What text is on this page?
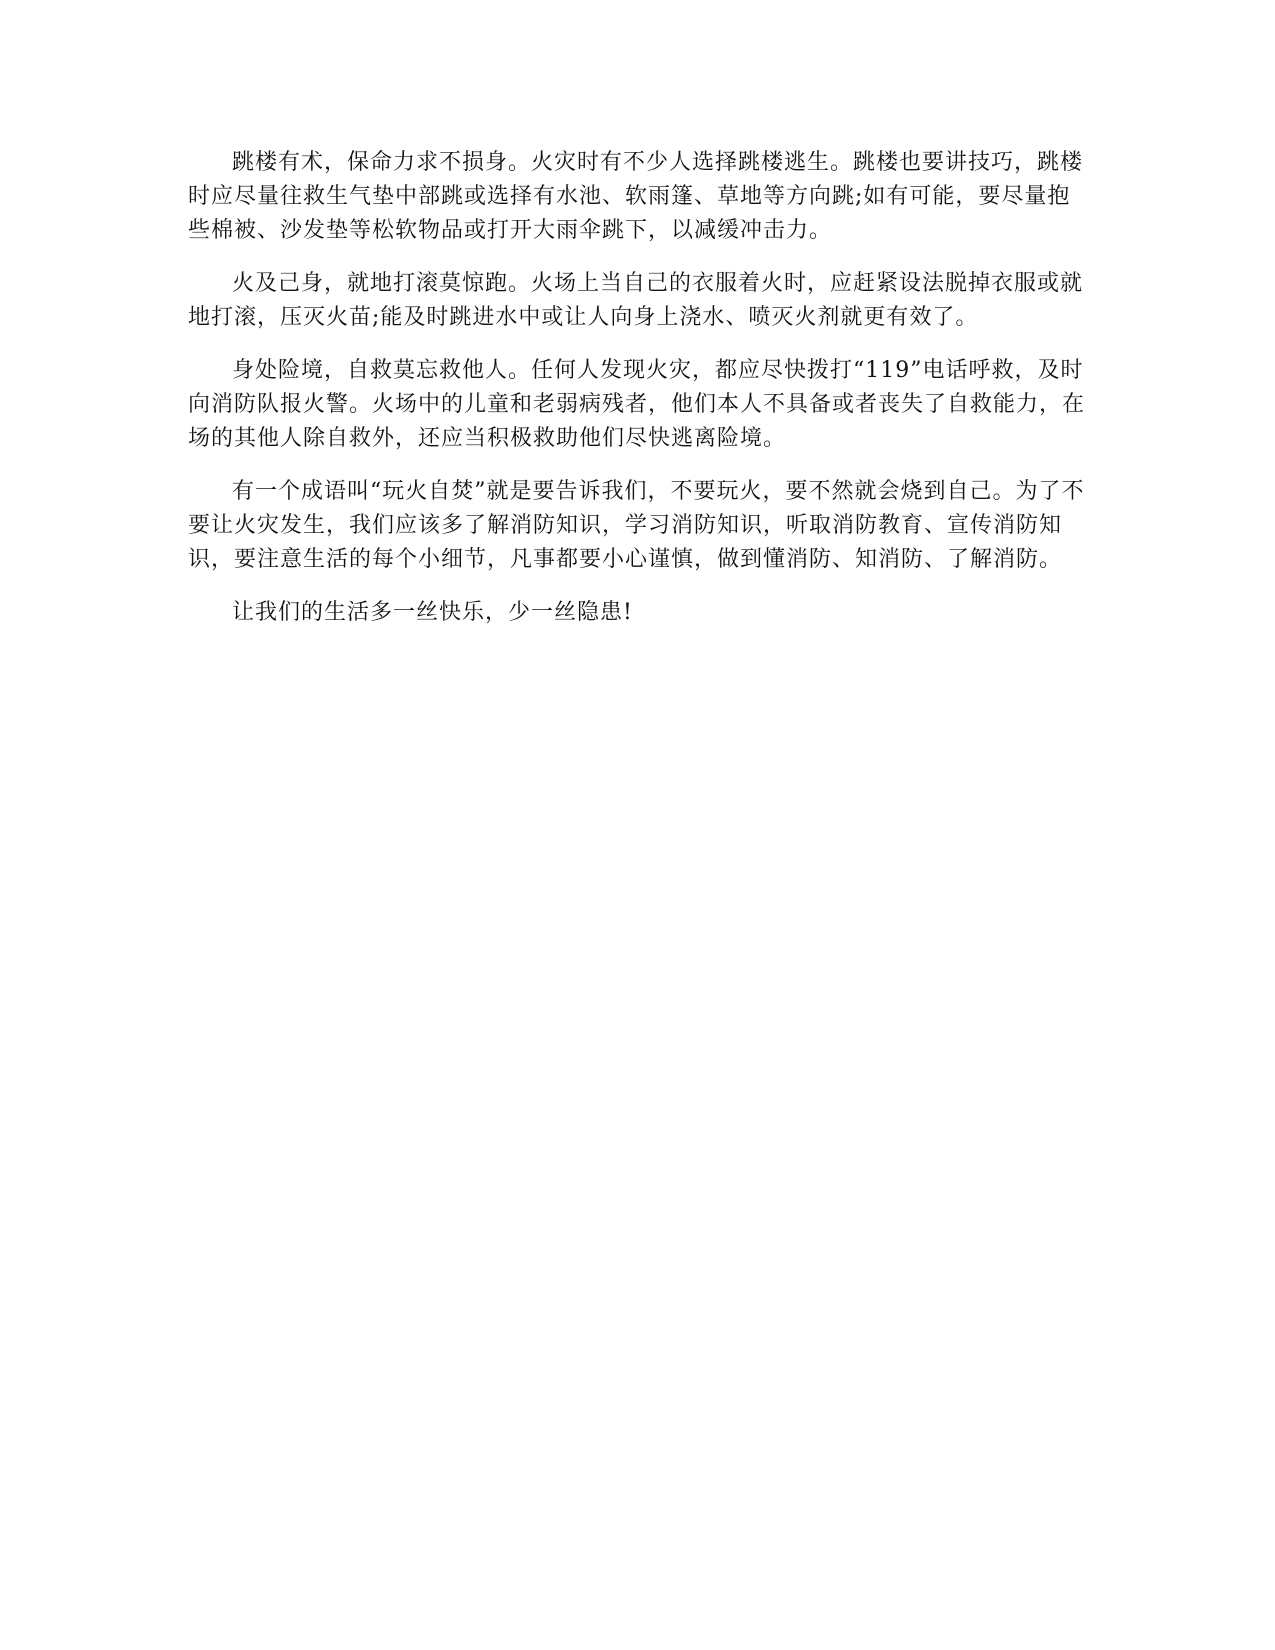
跳楼有术，保命力求不损身。火灾时有不少人选择跳楼逃生。跳楼也要讲技巧，跳楼时应尽量往救生气垫中部跳或选择有水池、软雨篷、草地等方向跳;如有可能，要尽量抱些棉被、沙发垫等松软物品或打开大雨伞跳下，以减缓冲击力。

火及己身，就地打滚莫惊跑。火场上当自己的衣服着火时，应赶紧设法脱掉衣服或就地打滚，压灭火苗;能及时跳进水中或让人向身上浇水、喷灭火剂就更有效了。

身处险境，自救莫忘救他人。任何人发现火灾，都应尽快拨打“119”电话呼救，及时向消防队报火警。火场中的儿童和老弱病残者，他们本人不具备或者丧失了自救能力，在场的其他人除自救外，还应当积极救助他们尽快逃离险境。

有一个成语叫“玩火自焚”就是要告诉我们，不要玩火，要不然就会烧到自己。为了不要让火灾发生，我们应该多了解消防知识，学习消防知识，听取消防教育、宣传消防知识，要注意生活的每个小细节，凡事都要小心谨慎，做到懂消防、知消防、了解消防。

让我们的生活多一丝快乐，少一丝隐患!
